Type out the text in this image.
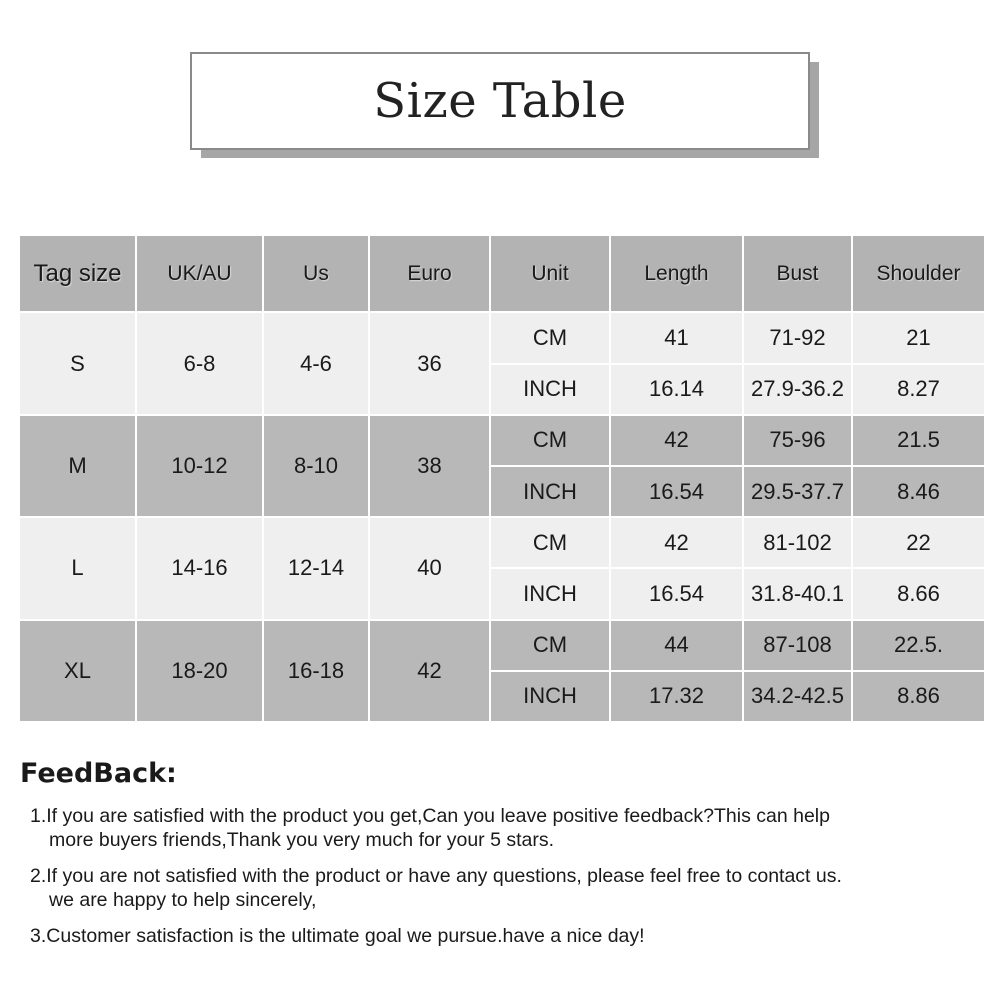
Size Table
Tag size	UK/AU	Us	Euro	Unit	Length	Bust	Shoulder
S	6-8	4-6	36	CM	41	71-92	21
				INCH	16.14	27.9-36.2	8.27
M	10-12	8-10	38	CM	42	75-96	21.5
				INCH	16.54	29.5-37.7	8.46
L	14-16	12-14	40	CM	42	81-102	22
				INCH	16.54	31.8-40.1	8.66
XL	18-20	16-18	42	CM	44	87-108	22.5.
				INCH	17.32	34.2-42.5	8.86
FeedBack:
1.If you are satisfied with the product you get,Can you leave positive feedback?This can help
more buyers friends,Thank you very much for your 5 stars.
2.If you are not satisfied with the product or have any questions, please feel free to contact us.
we are happy to help sincerely,
3.Customer satisfaction is the ultimate goal we pursue.have a nice day!
